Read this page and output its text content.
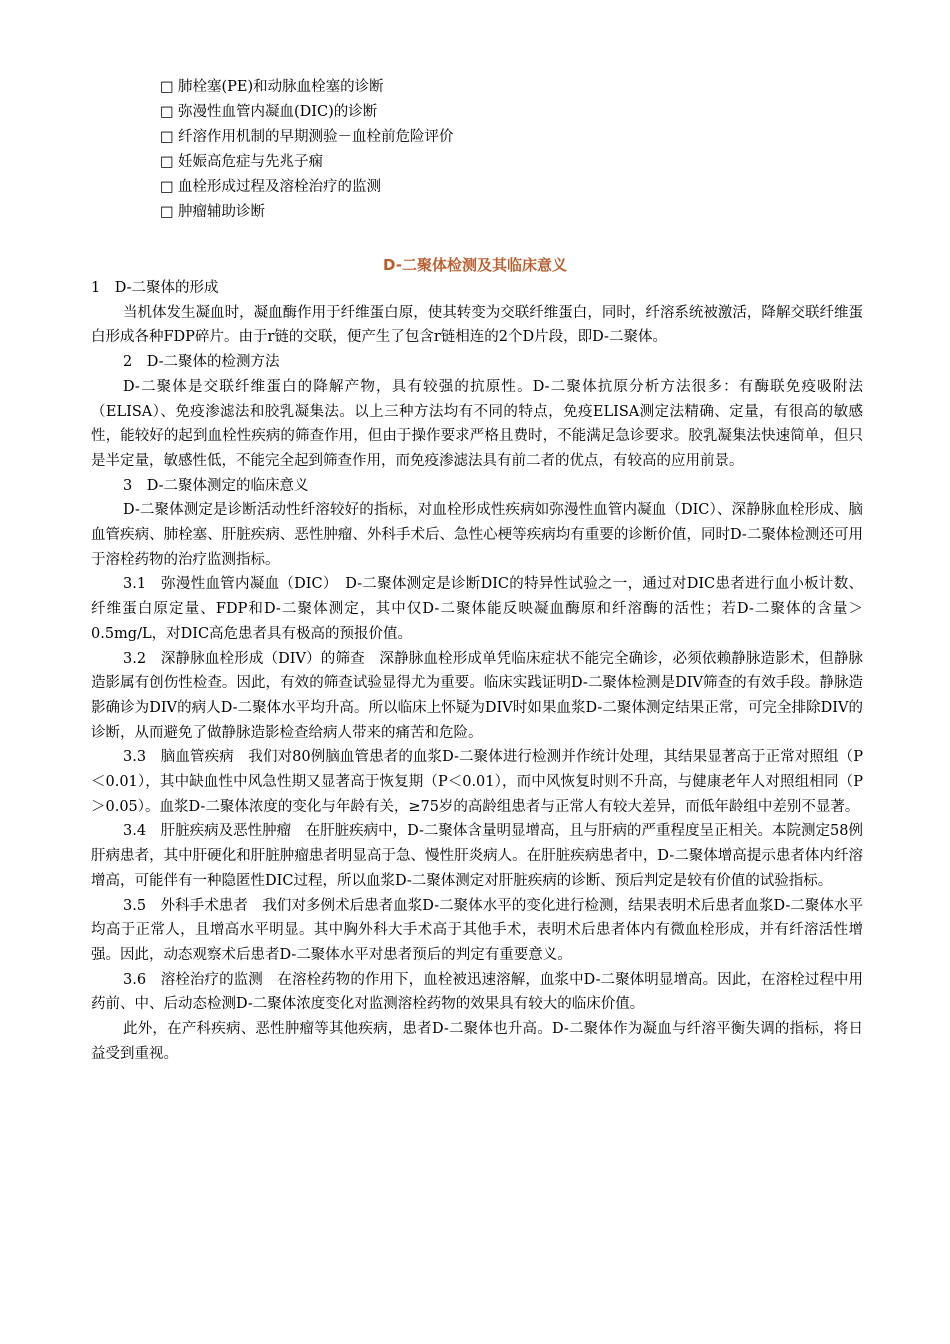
□ 肺栓塞(PE)和动脉血栓塞的诊断
□ 弥漫性血管内凝血(DIC)的诊断
□ 纤溶作用机制的早期测验－血栓前危险评价
□ 妊娠高危症与先兆子痫
□ 血栓形成过程及溶栓治疗的监测
□ 肿瘤辅助诊断
D-二聚体检测及其临床意义

1　D-二聚体的形成

当机体发生凝血时，凝血酶作用于纤维蛋白原，使其转变为交联纤维蛋白，同时，纤溶系统被激活，降解交联纤维蛋白形成各种FDP碎片。由于r链的交联，便产生了包含r链相连的2个D片段，即D-二聚体。

2　D-二聚体的检测方法

D-二聚体是交联纤维蛋白的降解产物，具有较强的抗原性。D-二聚体抗原分析方法很多：有酶联免疫吸附法（ELISA）、免疫渗滤法和胶乳凝集法。以上三种方法均有不同的特点，免疫ELISA测定法精确、定量，有很高的敏感性，能较好的起到血栓性疾病的筛查作用，但由于操作要求严格且费时，不能满足急诊要求。胶乳凝集法快速简单，但只是半定量，敏感性低，不能完全起到筛查作用，而免疫渗滤法具有前二者的优点，有较高的应用前景。

3　D-二聚体测定的临床意义

D-二聚体测定是诊断活动性纤溶较好的指标，对血栓形成性疾病如弥漫性血管内凝血（DIC）、深静脉血栓形成、脑血管疾病、肺栓塞、肝脏疾病、恶性肿瘤、外科手术后、急性心梗等疾病均有重要的诊断价值，同时D-二聚体检测还可用于溶栓药物的治疗监测指标。

3.1　弥漫性血管内凝血（DIC）　D-二聚体测定是诊断DIC的特异性试验之一，通过对DIC患者进行血小板计数、纤维蛋白原定量、FDP和D-二聚体测定，其中仅D-二聚体能反映凝血酶原和纤溶酶的活性；若D-二聚体的含量＞0.5mg/L，对DIC高危患者具有极高的预报价值。

3.2　深静脉血栓形成（DIV）的筛查　深静脉血栓形成单凭临床症状不能完全确诊，必须依赖静脉造影术，但静脉造影属有创伤性检查。因此，有效的筛查试验显得尤为重要。临床实践证明D-二聚体检测是DIV筛查的有效手段。静脉造影确诊为DIV的病人D-二聚体水平均升高。所以临床上怀疑为DIV时如果血浆D-二聚体测定结果正常，可完全排除DIV的诊断，从而避免了做静脉造影检查给病人带来的痛苦和危险。

3.3　脑血管疾病　我们对80例脑血管患者的血浆D-二聚体进行检测并作统计处理，其结果显著高于正常对照组（P＜0.01），其中缺血性中风急性期又显著高于恢复期（P＜0.01），而中风恢复时则不升高，与健康老年人对照组相同（P＞0.05）。血浆D-二聚体浓度的变化与年龄有关，≥75岁的高龄组患者与正常人有较大差异，而低年龄组中差别不显著。

3.4　肝脏疾病及恶性肿瘤　在肝脏疾病中，D-二聚体含量明显增高，且与肝病的严重程度呈正相关。本院测定58例肝病患者，其中肝硬化和肝脏肿瘤患者明显高于急、慢性肝炎病人。在肝脏疾病患者中，D-二聚体增高提示患者体内纤溶增高，可能伴有一种隐匿性DIC过程，所以血浆D-二聚体测定对肝脏疾病的诊断、预后判定是较有价值的试验指标。

3.5　外科手术患者　我们对多例术后患者血浆D-二聚体水平的变化进行检测，结果表明术后患者血浆D-二聚体水平均高于正常人，且增高水平明显。其中胸外科大手术高于其他手术，表明术后患者体内有微血栓形成，并有纤溶活性增强。因此，动态观察术后患者D-二聚体水平对患者预后的判定有重要意义。

3.6　溶栓治疗的监测　在溶栓药物的作用下，血栓被迅速溶解，血浆中D-二聚体明显增高。因此，在溶栓过程中用药前、中、后动态检测D-二聚体浓度变化对监测溶栓药物的效果具有较大的临床价值。

此外，在产科疾病、恶性肿瘤等其他疾病，患者D-二聚体也升高。D-二聚体作为凝血与纤溶平衡失调的指标，将日益受到重视。
